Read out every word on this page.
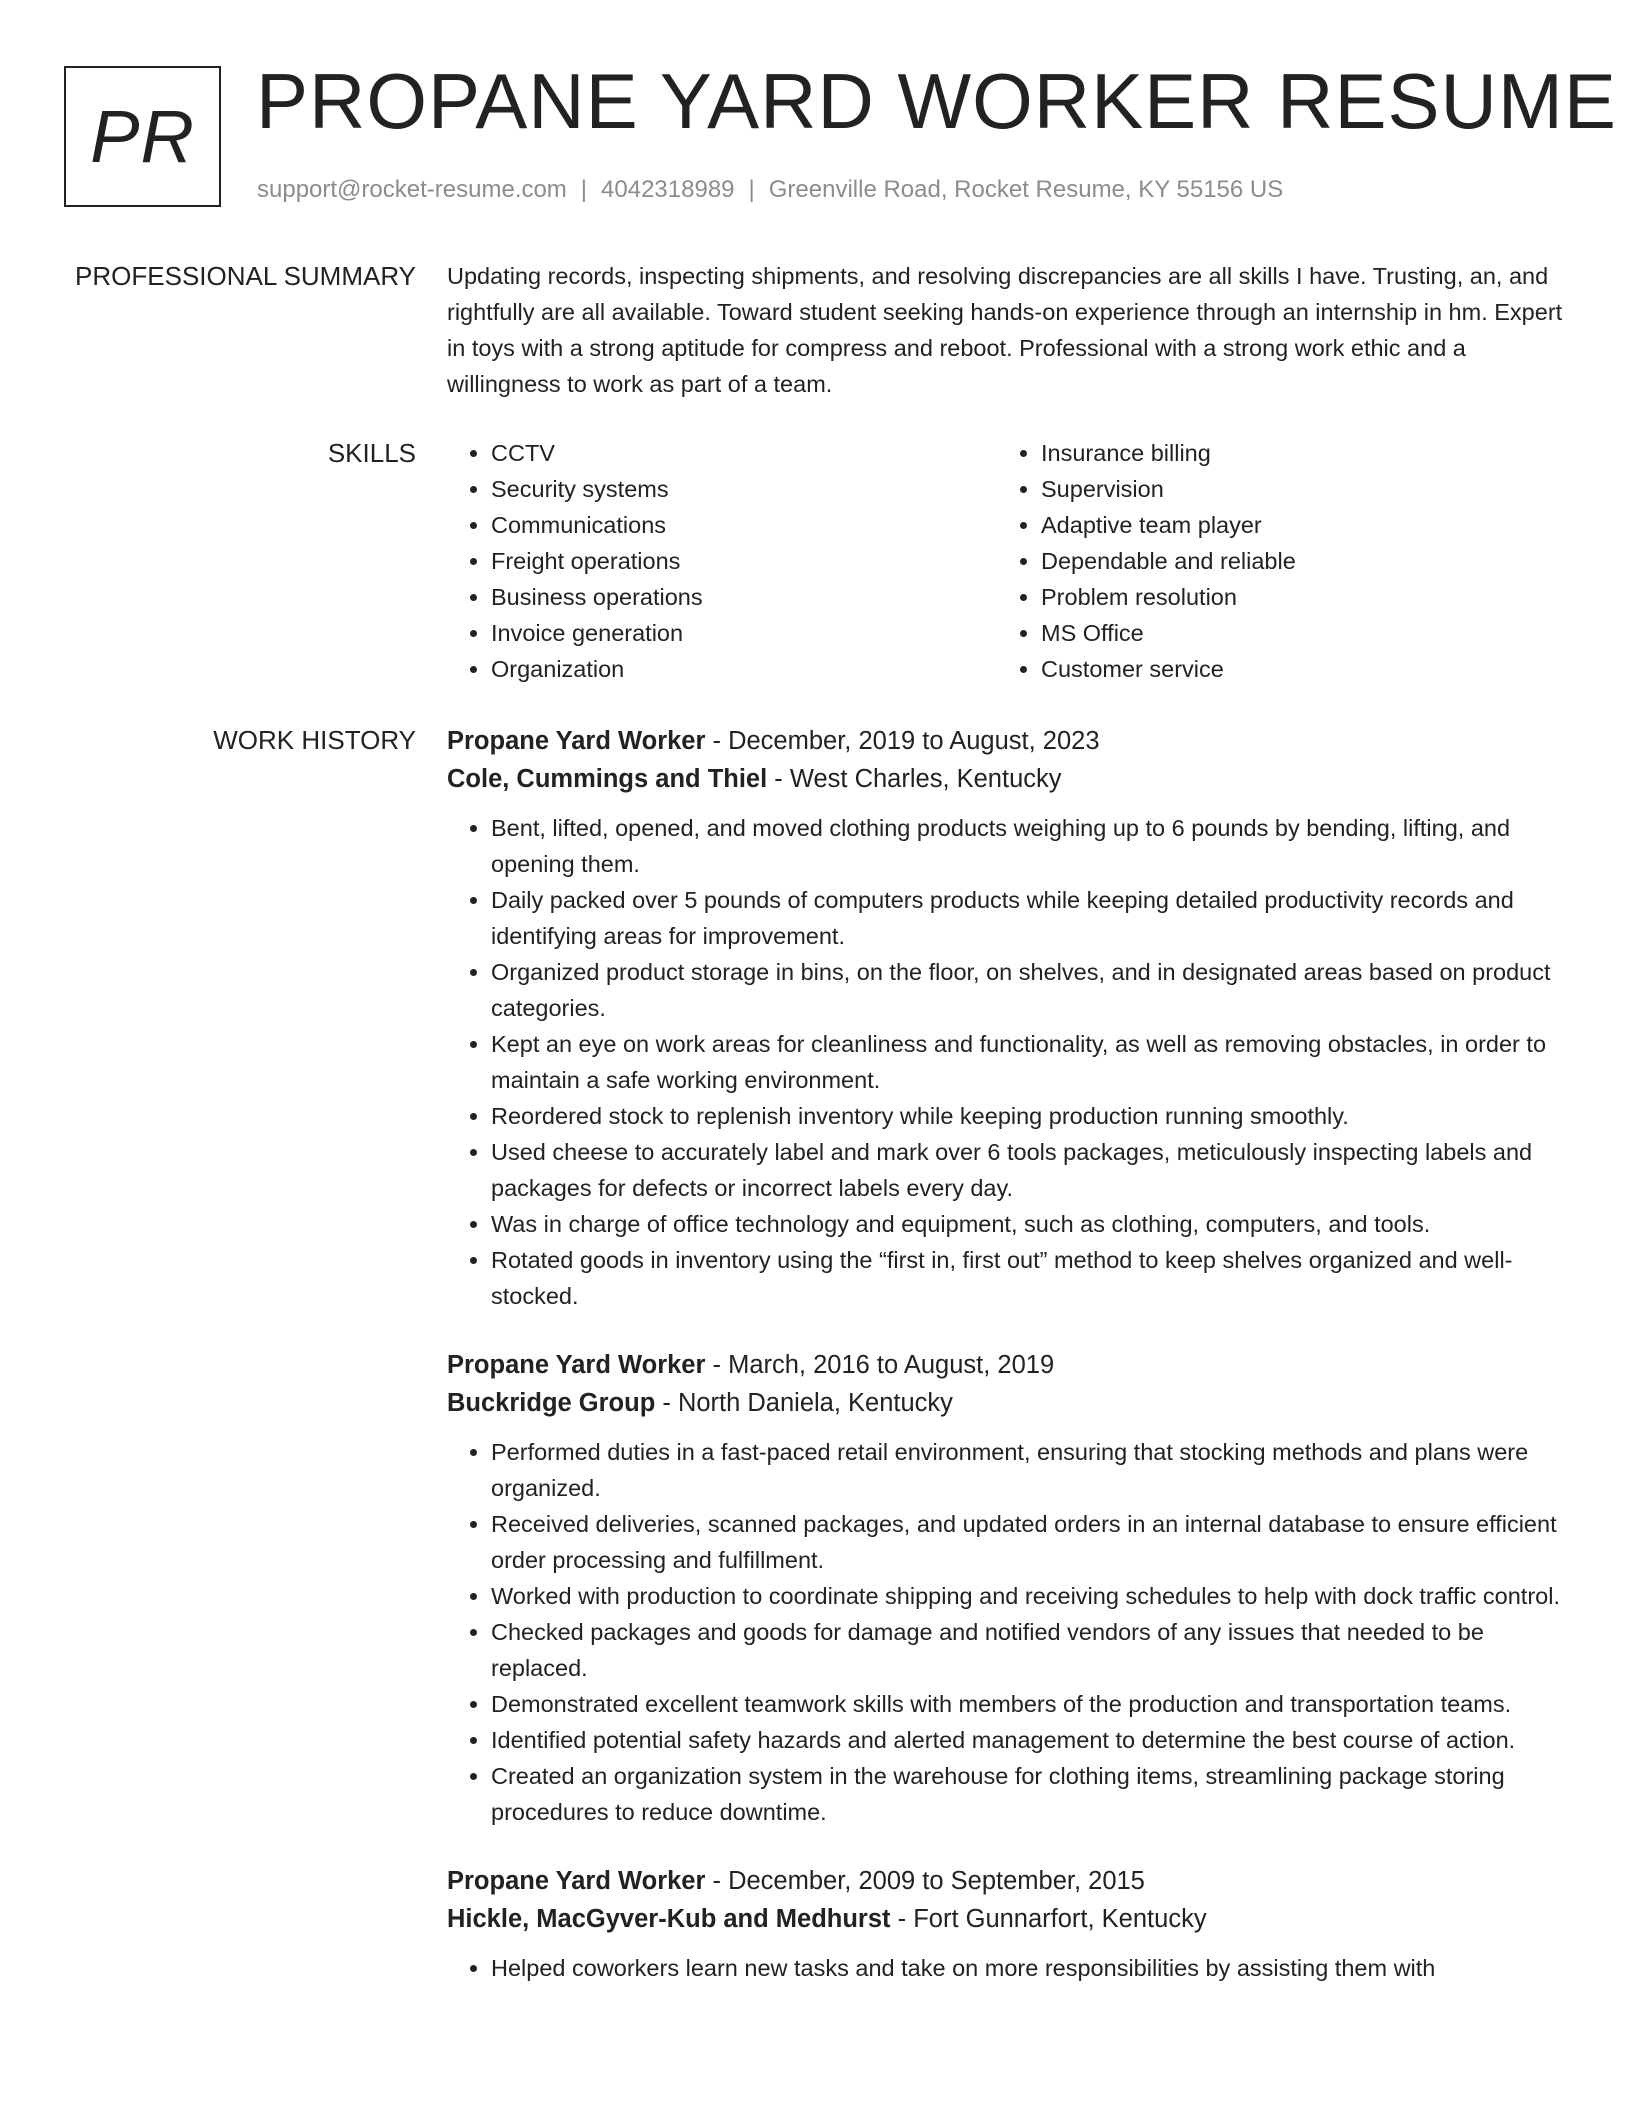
PR PROPANE YARD WORKER RESUME
support@rocket-resume.com | 4042318989 | Greenville Road, Rocket Resume, KY 55156 US
PROFESSIONAL SUMMARY Updating records, inspecting shipments, and resolving discrepancies are all skills I have. Trusting, an, and rightfully are all available. Toward student seeking hands-on experience through an internship in hm. Expert in toys with a strong aptitude for compress and reboot. Professional with a strong work ethic and a willingness to work as part of a team.

SKILLS
•	CCTV
• Security systems
• Communications
• Freight operations
• Business operations
• Invoice generation
• Organization
• Insurance billing
• Supervision
• Adaptive team player
• Dependable and reliable
• Problem resolution
• MS Office
• Customer service
WORK HISTORY Propane Yard Worker - December, 2019 to August, 2023
Cole, Cummings and Thiel - West Charles, Kentucky
• Bent, lifted, opened, and moved clothing products weighing up to 6 pounds by bending, lifting, and opening them.
• Daily packed over 5 pounds of computers products while keeping detailed productivity records and identifying areas for improvement.
• Organized product storage in bins, on the floor, on shelves, and in designated areas based on product categories.
• Kept an eye on work areas for cleanliness and functionality, as well as removing obstacles, in order to maintain a safe working environment.
• Reordered stock to replenish inventory while keeping production running smoothly.
• Used cheese to accurately label and mark over 6 tools packages, meticulously inspecting labels and packages for defects or incorrect labels every day.
• Was in charge of office technology and equipment, such as clothing, computers, and tools.
• Rotated goods in inventory using the “first in, first out” method to keep shelves organized and well-stocked.
Propane Yard Worker - March, 2016 to August, 2019
Buckridge Group - North Daniela, Kentucky
• Performed duties in a fast-paced retail environment, ensuring that stocking methods and plans were organized.
• Received deliveries, scanned packages, and updated orders in an internal database to ensure efficient order processing and fulfillment.
• Worked with production to coordinate shipping and receiving schedules to help with dock traffic control.
• Checked packages and goods for damage and notified vendors of any issues that needed to be replaced.
• Demonstrated excellent teamwork skills with members of the production and transportation teams.
• Identified potential safety hazards and alerted management to determine the best course of action.
• Created an organization system in the warehouse for clothing items, streamlining package storing procedures to reduce downtime.
Propane Yard Worker - December, 2009 to September, 2015
Hickle, MacGyver-Kub and Medhurst - Fort Gunnarfort, Kentucky
• Helped coworkers learn new tasks and take on more responsibilities by assisting them with
